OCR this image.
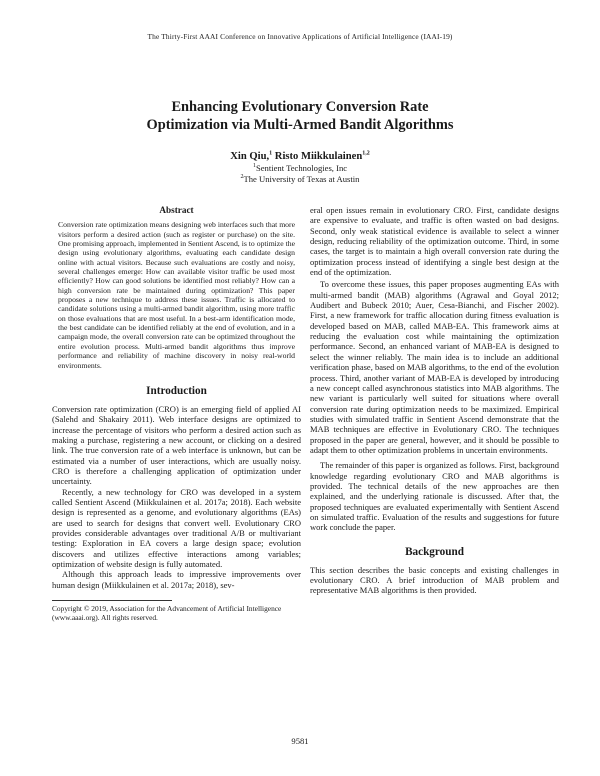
The Thirty-First AAAI Conference on Innovative Applications of Artificial Intelligence (IAAI-19)
Enhancing Evolutionary Conversion Rate
Optimization via Multi-Armed Bandit Algorithms
Xin Qiu,$^1$ Risto Miikkulainen$^{1,2}$
$^1$Sentient Technologies, Inc
$^2$The University of Texas at Austin
Abstract

Conversion rate optimization means designing web interfaces such that more visitors perform a desired action (such as register or purchase) on the site. One promising approach, implemented in Sentient Ascend, is to optimize the design using evolutionary algorithms, evaluating each candidate design online with actual visitors. Because such evaluations are costly and noisy, several challenges emerge: How can available visitor traffic be used most efficiently? How can good solutions be identified most reliably? How can a high conversion rate be maintained during optimization? This paper proposes a new technique to address these issues. Traffic is allocated to candidate solutions using a multi-armed bandit algorithm, using more traffic on those evaluations that are most useful. In a best-arm identification mode, the best candidate can be identified reliably at the end of evolution, and in a campaign mode, the overall conversion rate can be optimized throughout the entire evolution process. Multi-armed bandit algorithms thus improve performance and reliability of machine discovery in noisy real-world environments.

Introduction

Conversion rate optimization (CRO) is an emerging field of applied AI (Salehd and Shakairy 2011). Web interface designs are optimized to increase the percentage of visitors who perform a desired action such as making a purchase, registering a new account, or clicking on a desired link. The true conversion rate of a web interface is unknown, but can be estimated via a number of user interactions, which are usually noisy. CRO is therefore a challenging application of optimization under uncertainty.

Recently, a new technology for CRO was developed in a system called Sentient Ascend (Miikkulainen et al. 2017a; 2018). Each website design is represented as a genome, and evolutionary algorithms (EAs) are used to search for designs that convert well. Evolutionary CRO provides considerable advantages over traditional A/B or multivariant testing: Exploration in EA covers a large design space; evolution discovers and utilizes effective interactions among variables; optimization of website design is fully automated.

Although this approach leads to impressive improvements over human design (Miikkulainen et al. 2017a; 2018), sev-

Copyright © 2019, Association for the Advancement of Artificial Intelligence (www.aaai.org). All rights reserved.

eral open issues remain in evolutionary CRO. First, candidate designs are expensive to evaluate, and traffic is often wasted on bad designs. Second, only weak statistical evidence is available to select a winner design, reducing reliability of the optimization outcome. Third, in some cases, the target is to maintain a high overall conversion rate during the optimization process instead of identifying a single best design at the end of the optimization.

To overcome these issues, this paper proposes augmenting EAs with multi-armed bandit (MAB) algorithms (Agrawal and Goyal 2012; Audibert and Bubeck 2010; Auer, Cesa-Bianchi, and Fischer 2002). First, a new framework for traffic allocation during fitness evaluation is developed based on MAB, called MAB-EA. This framework aims at reducing the evaluation cost while maintaining the optimization performance. Second, an enhanced variant of MAB-EA is designed to select the winner reliably. The main idea is to include an additional verification phase, based on MAB algorithms, to the end of the evolution process. Third, another variant of MAB-EA is developed by introducing a new concept called asynchronous statistics into MAB algorithms. The new variant is particularly well suited for situations where overall conversion rate during optimization needs to be maximized. Empirical studies with simulated traffic in Sentient Ascend demonstrate that the MAB techniques are effective in Evolutionary CRO. The techniques proposed in the paper are general, however, and it should be possible to adapt them to other optimization problems in uncertain environments.

The remainder of this paper is organized as follows. First, background knowledge regarding evolutionary CRO and MAB algorithms is provided. The technical details of the new approaches are then explained, and the underlying rationale is discussed. After that, the proposed techniques are evaluated experimentally with Sentient Ascend on simulated traffic. Evaluation of the results and suggestions for future work conclude the paper.

Background

This section describes the basic concepts and existing challenges in evolutionary CRO. A brief introduction of MAB problem and representative MAB algorithms is then provided.

9581
